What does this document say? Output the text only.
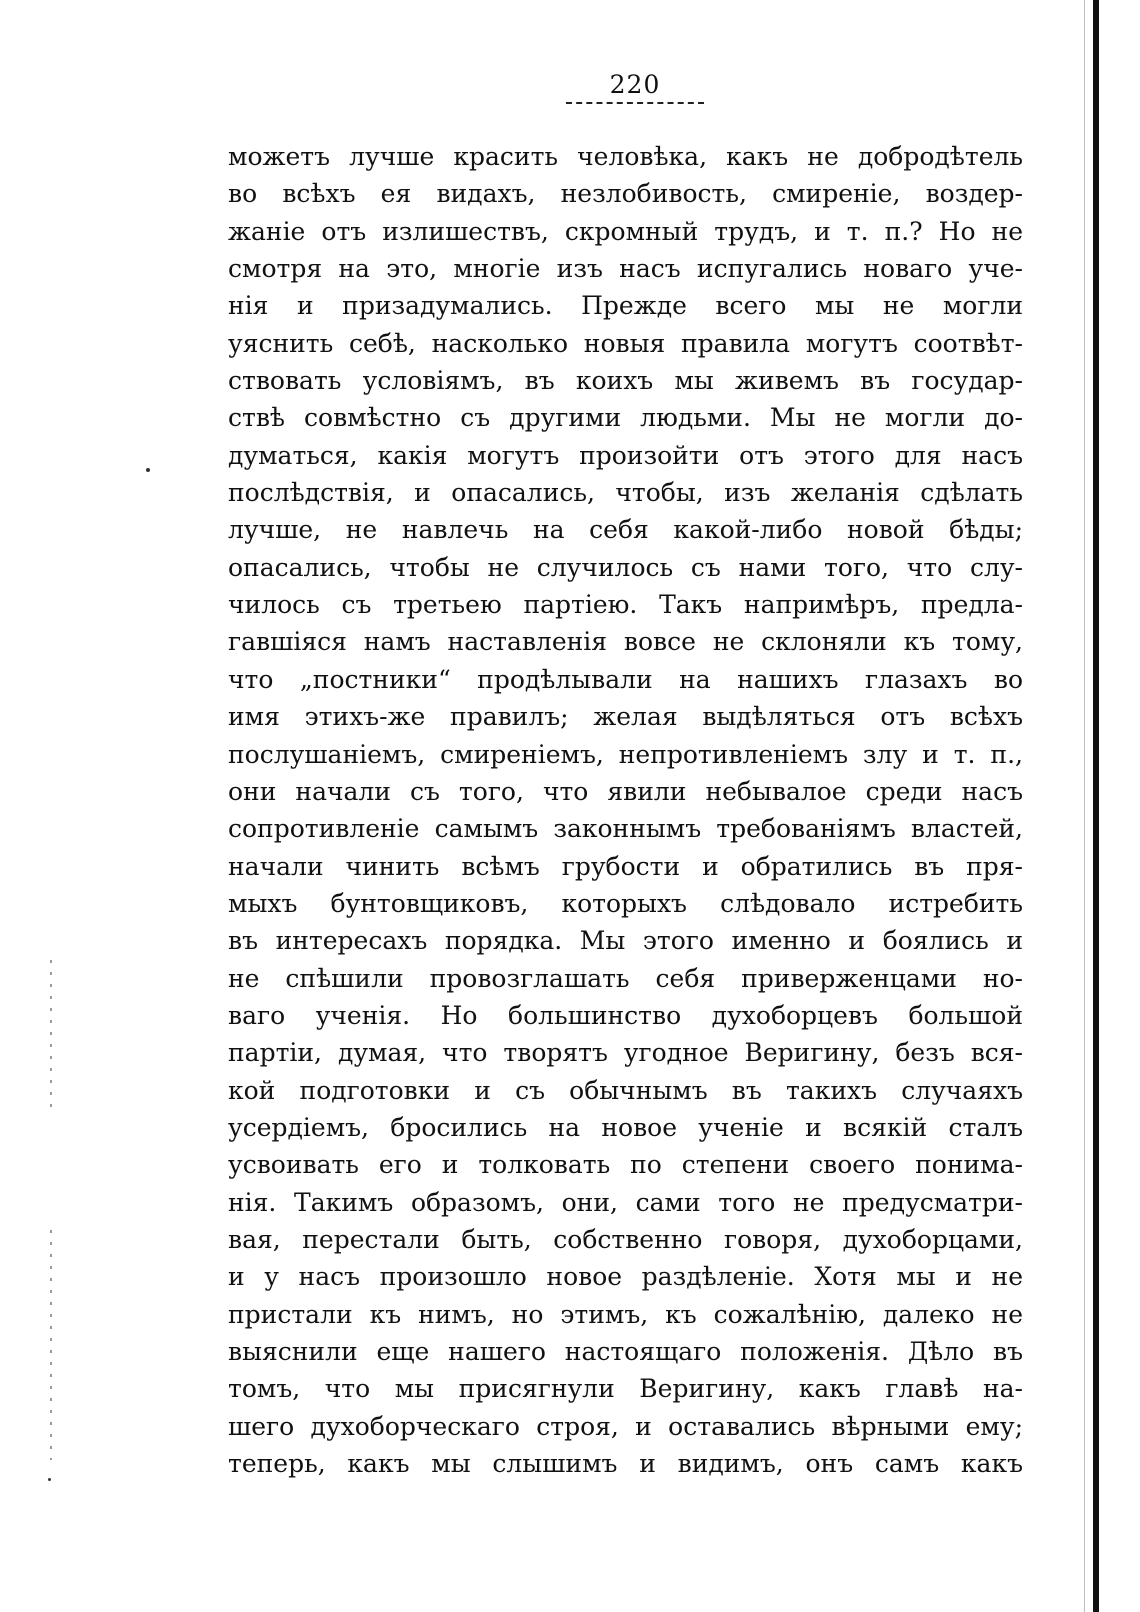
220
можетъ лучше красить человѣка, какъ не добродѣтель
во всѣхъ ея видахъ, незлобивость, смиреніе, воздер-
жаніе отъ излишествъ, скромный трудъ, и т. п.? Но не
смотря на это, многіе изъ насъ испугались новаго уче-
нія и призадумались. Прежде всего мы не могли
уяснить себѣ, насколько новыя правила могутъ соотвѣт-
ствовать условіямъ, въ коихъ мы живемъ въ государ-
ствѣ совмѣстно съ другими людьми. Мы не могли до-
думаться, какія могутъ произойти отъ этого для насъ
послѣдствія, и опасались, чтобы, изъ желанія сдѣлать
лучше, не навлечь на себя какой-либо новой бѣды;
опасались, чтобы не случилось съ нами того, что слу-
чилось съ третьею партіею. Такъ напримѣръ, предла-
гавшіяся намъ наставленія вовсе не склоняли къ тому,
что „постники“ продѣлывали на нашихъ глазахъ во
имя этихъ-же правилъ; желая выдѣляться отъ всѣхъ
послушаніемъ, смиреніемъ, непротивленіемъ злу и т. п.,
они начали съ того, что явили небывалое среди насъ
сопротивленіе самымъ законнымъ требованіямъ властей,
начали чинить всѣмъ грубости и обратились въ пря-
мыхъ бунтовщиковъ, которыхъ слѣдовало истребить
въ интересахъ порядка. Мы этого именно и боялись и
не спѣшили провозглашать себя приверженцами но-
ваго ученія. Но большинство духоборцевъ большой
партіи, думая, что творятъ угодное Веригину, безъ вся-
кой подготовки и съ обычнымъ въ такихъ случаяхъ
усердіемъ, бросились на новое ученіе и всякій сталъ
усвоивать его и толковать по степени своего понима-
нія. Такимъ образомъ, они, сами того не предусматри-
вая, перестали быть, собственно говоря, духоборцами,
и у насъ произошло новое раздѣленіе. Хотя мы и не
пристали къ нимъ, но этимъ, къ сожалѣнію, далеко не
выяснили еще нашего настоящаго положенія. Дѣло въ
томъ, что мы присягнули Веригину, какъ главѣ на-
шего духоборческаго строя, и оставались вѣрными ему;
теперь, какъ мы слышимъ и видимъ, онъ самъ какъ
